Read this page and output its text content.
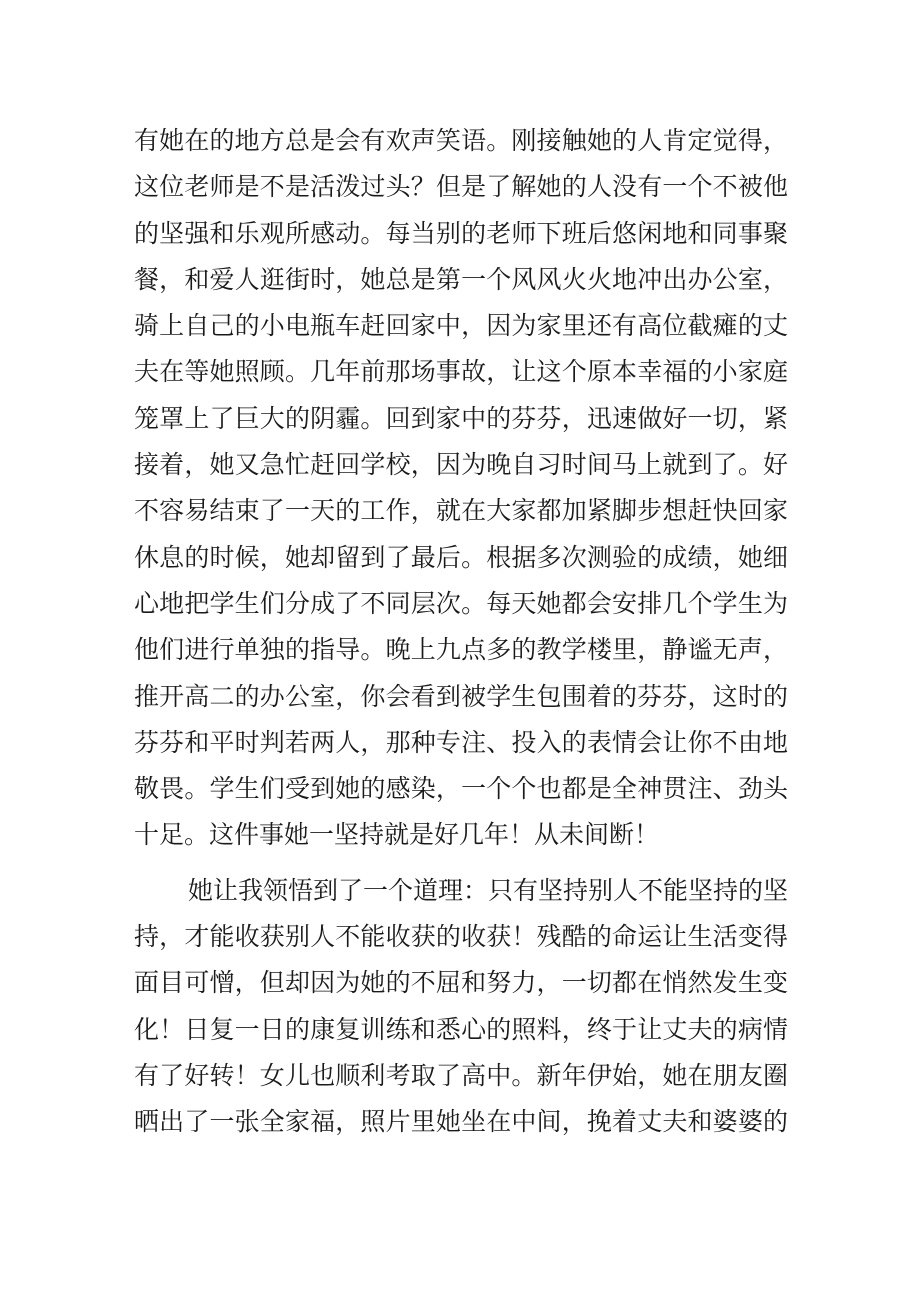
有她在的地方总是会有欢声笑语。刚接触她的人肯定觉得，
这位老师是不是活泼过头？但是了解她的人没有一个不被他
的坚强和乐观所感动。每当别的老师下班后悠闲地和同事聚
餐，和爱人逛街时，她总是第一个风风火火地冲出办公室，
骑上自己的小电瓶车赶回家中，因为家里还有高位截瘫的丈
夫在等她照顾。几年前那场事故，让这个原本幸福的小家庭
笼罩上了巨大的阴霾。回到家中的芬芬，迅速做好一切，紧
接着，她又急忙赶回学校，因为晚自习时间马上就到了。好
不容易结束了一天的工作，就在大家都加紧脚步想赶快回家
休息的时候，她却留到了最后。根据多次测验的成绩，她细
心地把学生们分成了不同层次。每天她都会安排几个学生为
他们进行单独的指导。晚上九点多的教学楼里，静谧无声，
推开高二的办公室，你会看到被学生包围着的芬芬，这时的
芬芬和平时判若两人，那种专注、投入的表情会让你不由地
敬畏。学生们受到她的感染，一个个也都是全神贯注、劲头
十足。这件事她一坚持就是好几年！从未间断！
她让我领悟到了一个道理：只有坚持别人不能坚持的坚
持，才能收获别人不能收获的收获！残酷的命运让生活变得
面目可憎，但却因为她的不屈和努力，一切都在悄然发生变
化！日复一日的康复训练和悉心的照料，终于让丈夫的病情
有了好转！女儿也顺利考取了高中。新年伊始，她在朋友圈
晒出了一张全家福，照片里她坐在中间，挽着丈夫和婆婆的
